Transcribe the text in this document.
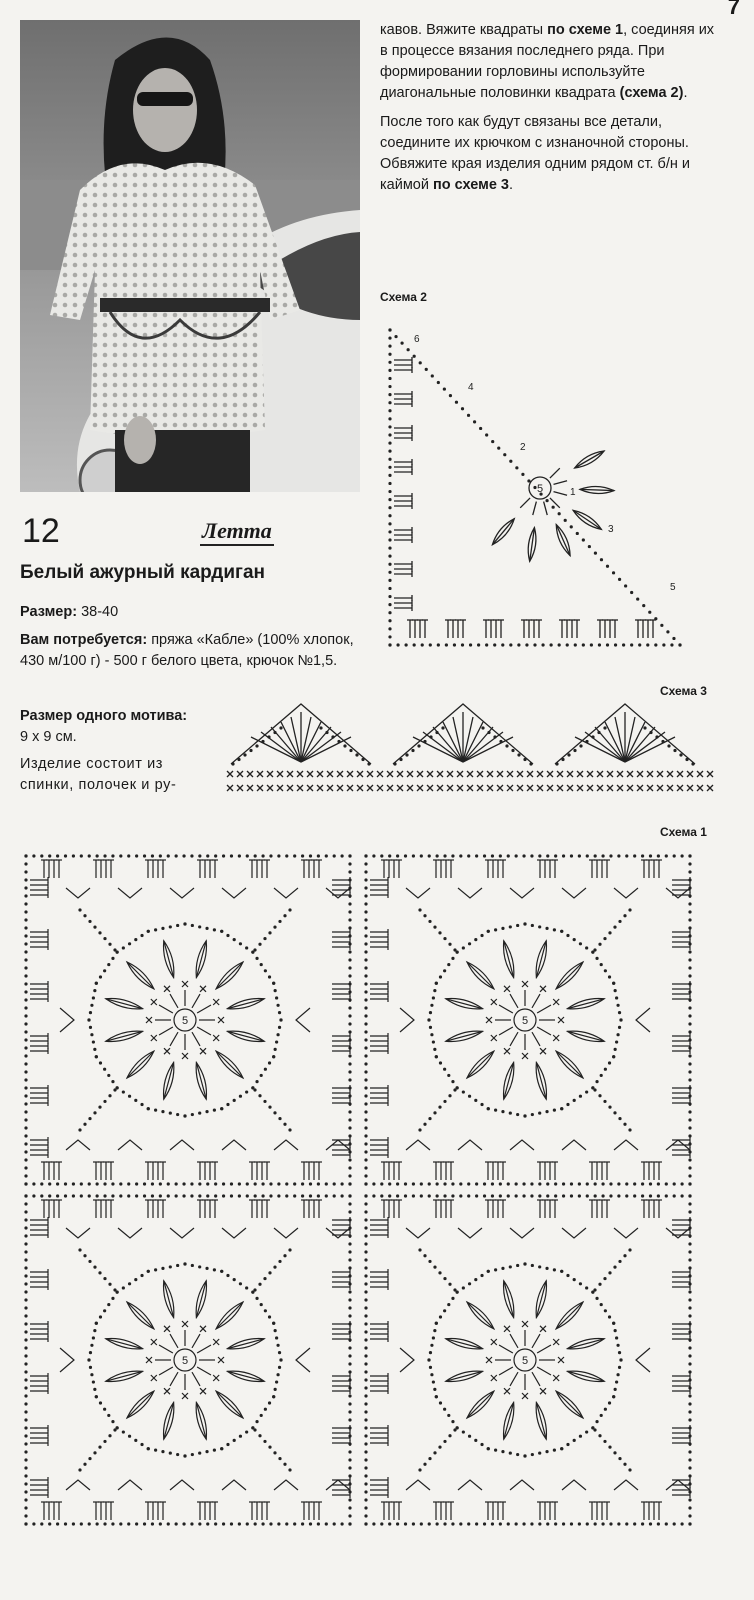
7
12	Летта
Белый ажурный кардиган
Размер: 38-40
Вам потребуется: пряжа «Кабле» (100% хлопок, 430 м/100 г) - 500 г белого цвета, крючок №1,5.
Размер одного мотива:
9 х 9 см.
Изделие состоит из спинки, полочек и ру-

кавов. Вяжите квадраты по схеме 1, соединяя их в процессе вязания последнего ряда. При формировании горловины используйте диагональные половинки квадрата (схема 2).

После того как будут связаны все детали, соедините их крючком с изнаночной стороны. Обвяжите края изделия одним рядом ст. б/н и каймой по схеме 3.

Схема 2
Схема 3
Схема 1
5	1
2
3
4
5
6
5	5
5	5
